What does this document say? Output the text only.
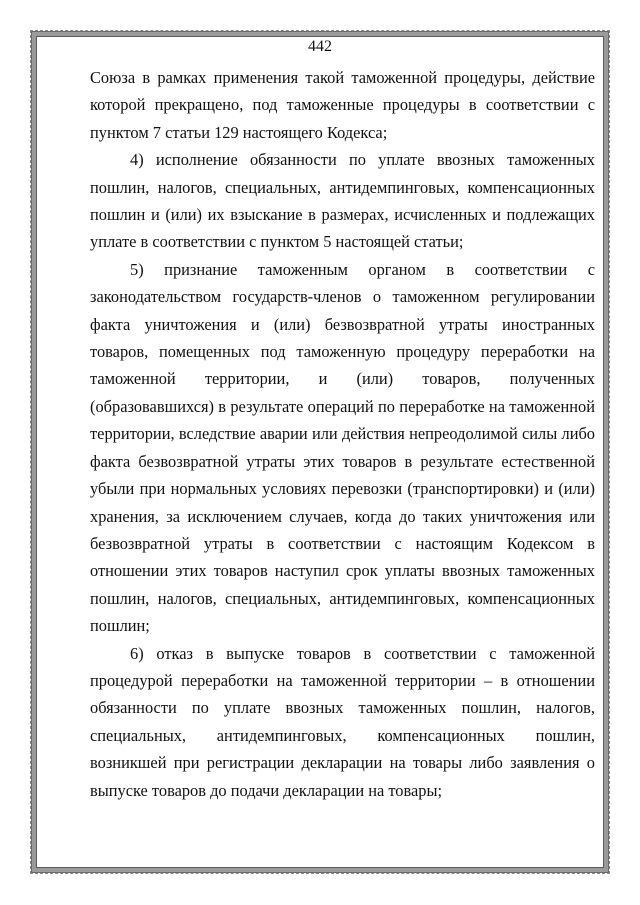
442

Союза в рамках применения такой таможенной процедуры, действие которой прекращено, под таможенные процедуры в соответствии с пунктом 7 статьи 129 настоящего Кодекса;

4) исполнение обязанности по уплате ввозных таможенных пошлин, налогов, специальных, антидемпинговых, компенсационных пошлин и (или) их взыскание в размерах, исчисленных и подлежащих уплате в соответствии с пунктом 5 настоящей статьи;

5) признание таможенным органом в соответствии с законодательством государств-членов о таможенном регулировании факта уничтожения и (или) безвозвратной утраты иностранных товаров, помещенных под таможенную процедуру переработки на таможенной территории, и (или) товаров, полученных (образовавшихся) в результате операций по переработке на таможенной территории, вследствие аварии или действия непреодолимой силы либо факта безвозвратной утраты этих товаров в результате естественной убыли при нормальных условиях перевозки (транспортировки) и (или) хранения, за исключением случаев, когда до таких уничтожения или безвозвратной утраты в соответствии с настоящим Кодексом в отношении этих товаров наступил срок уплаты ввозных таможенных пошлин, налогов, специальных, антидемпинговых, компенсационных пошлин;

6) отказ в выпуске товаров в соответствии с таможенной процедурой переработки на таможенной территории – в отношении обязанности по уплате ввозных таможенных пошлин, налогов, специальных, антидемпинговых, компенсационных пошлин, возникшей при регистрации декларации на товары либо заявления о выпуске товаров до подачи декларации на товары;
